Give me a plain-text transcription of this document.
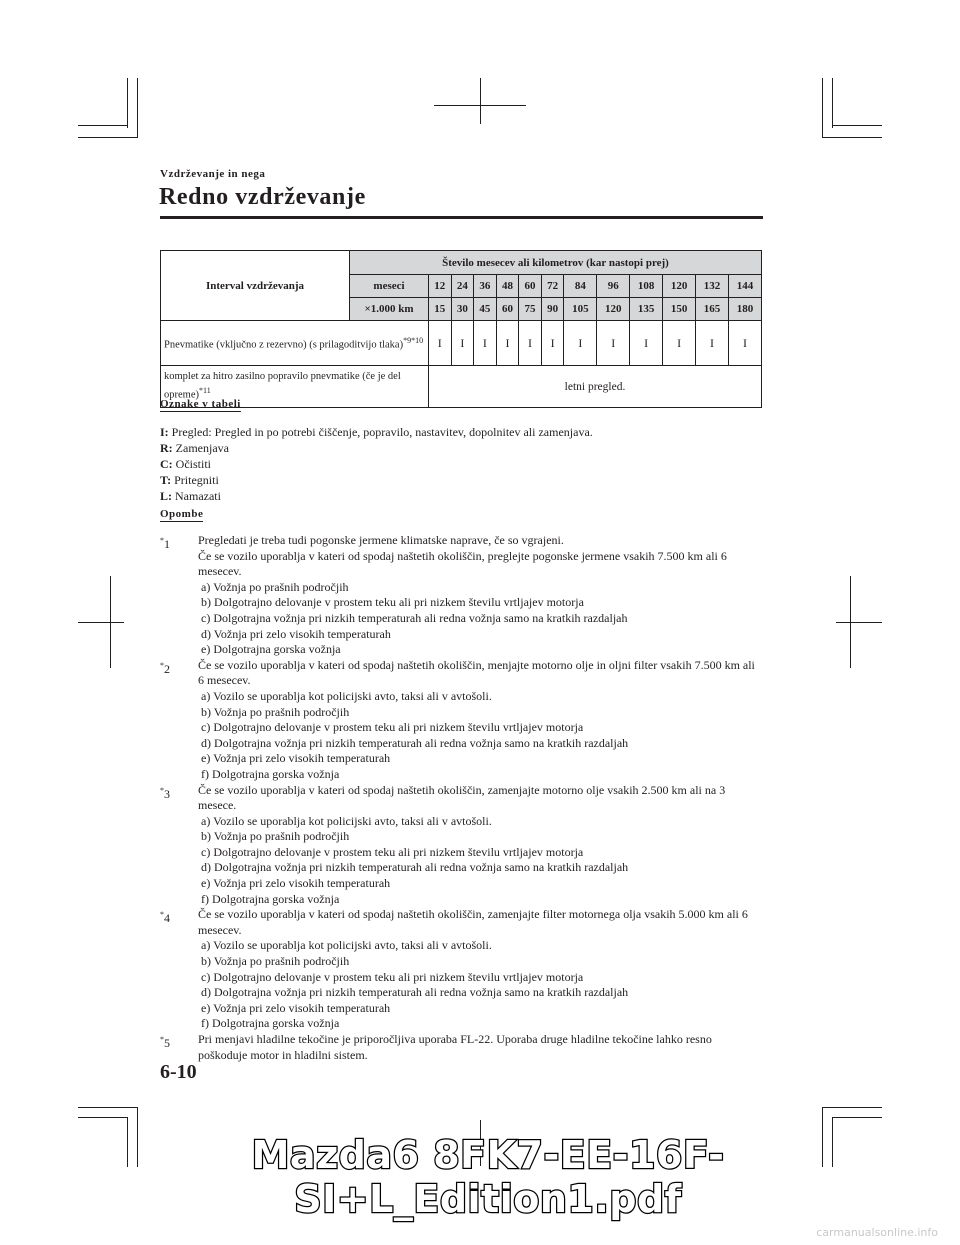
Vzdrževanje in nega
Redno vzdrževanje
Interval vzdrževanja	Število mesecev ali kilometrov (kar nastopi prej)												
	meseci	12	24	36	48	60	72	84	96	108	120	132	144
	×1.000 km	15	30	45	60	75	90	105	120	135	150	165	180
Pnevmatike (vključno z rezervno) (s prilagoditvijo tlaka)$^{*9*10}$		I	I	I	I	I	I	I	I	I	I	I	I
komplet za hitro zasilno popravilo pnevmatike (če je del opreme)$^{*11}$		letni pregled.											
Oznake v tabeli
I: Pregled: Pregled in po potrebi čiščenje, popravilo, nastavitev, dopolnitev ali zamenjava.
R: Zamenjava
C: Očistiti
T: Pritegniti
L: Namazati
Opombe
*1	Pregledati je treba tudi pogonske jermene klimatske naprave, če so vgrajeni.
Če se vozilo uporablja v kateri od spodaj naštetih okoliščin, preglejte pogonske jermene vsakih 7.500 km ali 6 mesecev.
a) Vožnja po prašnih področjih
b) Dolgotrajno delovanje v prostem teku ali pri nizkem številu vrtljajev motorja
c) Dolgotrajna vožnja pri nizkih temperaturah ali redna vožnja samo na kratkih razdaljah
d) Vožnja pri zelo visokih temperaturah
e) Dolgotrajna gorska vožnja
*2	Če se vozilo uporablja v kateri od spodaj naštetih okoliščin, menjajte motorno olje in oljni filter vsakih 7.500 km ali 6 mesecev.
a) Vozilo se uporablja kot policijski avto, taksi ali v avtošoli.
b) Vožnja po prašnih področjih
c) Dolgotrajno delovanje v prostem teku ali pri nizkem številu vrtljajev motorja
d) Dolgotrajna vožnja pri nizkih temperaturah ali redna vožnja samo na kratkih razdaljah
e) Vožnja pri zelo visokih temperaturah
f) Dolgotrajna gorska vožnja
*3	Če se vozilo uporablja v kateri od spodaj naštetih okoliščin, zamenjajte motorno olje vsakih 2.500 km ali na 3 mesece.
a) Vozilo se uporablja kot policijski avto, taksi ali v avtošoli.
b) Vožnja po prašnih področjih
c) Dolgotrajno delovanje v prostem teku ali pri nizkem številu vrtljajev motorja
d) Dolgotrajna vožnja pri nizkih temperaturah ali redna vožnja samo na kratkih razdaljah
e) Vožnja pri zelo visokih temperaturah
f) Dolgotrajna gorska vožnja
*4	Če se vozilo uporablja v kateri od spodaj naštetih okoliščin, zamenjajte filter motornega olja vsakih 5.000 km ali 6 mesecev.
a) Vozilo se uporablja kot policijski avto, taksi ali v avtošoli.
b) Vožnja po prašnih področjih
c) Dolgotrajno delovanje v prostem teku ali pri nizkem številu vrtljajev motorja
d) Dolgotrajna vožnja pri nizkih temperaturah ali redna vožnja samo na kratkih razdaljah
e) Vožnja pri zelo visokih temperaturah
f) Dolgotrajna gorska vožnja
*5	Pri menjavi hladilne tekočine je priporočljiva uporaba FL-22. Uporaba druge hladilne tekočine lahko resno poškoduje motor in hladilni sistem.
6-10
Mazda6 8FK7-EE-16F-SI+L_Edition1.pdf
carmanualsonline.info
